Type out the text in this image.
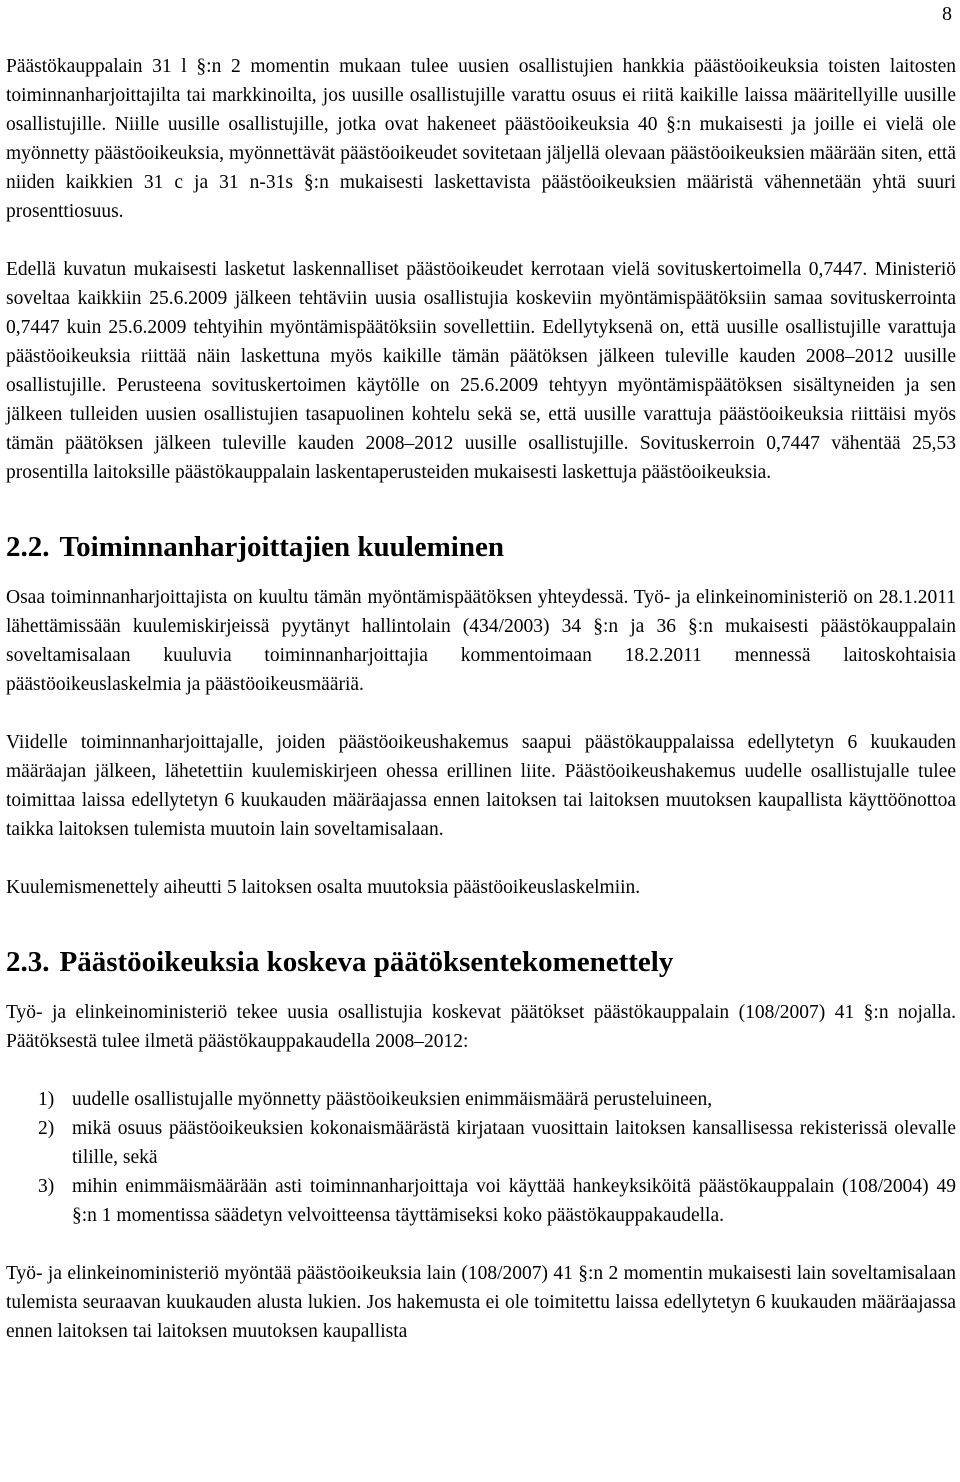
8

Päästökauppalain 31 l §:n 2 momentin mukaan tulee uusien osallistujien hankkia päästöoikeuksia toisten laitosten toiminnanharjoittajilta tai markkinoilta, jos uusille osallistujille varattu osuus ei riitä kaikille laissa määritellyille uusille osallistujille. Niille uusille osallistujille, jotka ovat hakeneet päästöoikeuksia 40 §:n mukaisesti ja joille ei vielä ole myönnetty päästöoikeuksia, myönnettävät päästöoikeudet sovitetaan jäljellä olevaan päästöoikeuksien määrään siten, että niiden kaikkien 31 c ja 31 n-31s §:n mukaisesti laskettavista päästöoikeuksien määristä vähennetään yhtä suuri prosenttiosuus.

Edellä kuvatun mukaisesti lasketut laskennalliset päästöoikeudet kerrotaan vielä sovituskertoimella 0,7447. Ministeriö soveltaa kaikkiin 25.6.2009 jälkeen tehtäviin uusia osallistujia koskeviin myöntämispäätöksiin samaa sovituskerrointa 0,7447 kuin 25.6.2009 tehtyihin myöntämispäätöksiin sovellettiin. Edellytyksenä on, että uusille osallistujille varattuja päästöoikeuksia riittää näin laskettuna myös kaikille tämän päätöksen jälkeen tuleville kauden 2008–2012 uusille osallistujille. Perusteena sovituskertoimen käytölle on 25.6.2009 tehtyyn myöntämispäätöksen sisältyneiden ja sen jälkeen tulleiden uusien osallistujien tasapuolinen kohtelu sekä se, että uusille varattuja päästöoikeuksia riittäisi myös tämän päätöksen jälkeen tuleville kauden 2008–2012 uusille osallistujille. Sovituskerroin 0,7447 vähentää 25,53 prosentilla laitoksille päästökauppalain laskentaperusteiden mukaisesti laskettuja päästöoikeuksia.

2.2. Toiminnanharjoittajien kuuleminen

Osaa toiminnanharjoittajista on kuultu tämän myöntämispäätöksen yhteydessä. Työ- ja elinkeinoministeriö on 28.1.2011 lähettämissään kuulemiskirjeissä pyytänyt hallintolain (434/2003) 34 §:n ja 36 §:n mukaisesti päästökauppalain soveltamisalaan kuuluvia toiminnanharjoittajia kommentoimaan 18.2.2011 mennessä laitoskohtaisia päästöoikeuslaskelmia ja päästöoikeusmääriä.

Viidelle toiminnanharjoittajalle, joiden päästöoikeushakemus saapui päästökauppalaissa edellytetyn 6 kuukauden määräajan jälkeen, lähetettiin kuulemiskirjeen ohessa erillinen liite. Päästöoikeushakemus uudelle osallistujalle tulee toimittaa laissa edellytetyn 6 kuukauden määräajassa ennen laitoksen tai laitoksen muutoksen kaupallista käyttöönottoa taikka laitoksen tulemista muutoin lain soveltamisalaan.

Kuulemismenettely aiheutti 5 laitoksen osalta muutoksia päästöoikeuslaskelmiin.

2.3. Päästöoikeuksia koskeva päätöksentekomenettely

Työ- ja elinkeinoministeriö tekee uusia osallistujia koskevat päätökset päästökauppalain (108/2007) 41 §:n nojalla. Päätöksestä tulee ilmetä päästökauppakaudella 2008–2012:

1) uudelle osallistujalle myönnetty päästöoikeuksien enimmäismäärä perusteluineen,
2) mikä osuus päästöoikeuksien kokonaismäärästä kirjataan vuosittain laitoksen kansallisessa rekisterissä olevalle tilille, sekä
3) mihin enimmäismäärään asti toiminnanharjoittaja voi käyttää hankeyksiköitä päästökauppalain (108/2004) 49 §:n 1 momentissa säädetyn velvoitteensa täyttämiseksi koko päästökauppakaudella.

Työ- ja elinkeinoministeriö myöntää päästöoikeuksia lain (108/2007) 41 §:n 2 momentin mukaisesti lain soveltamisalaan tulemista seuraavan kuukauden alusta lukien. Jos hakemusta ei ole toimitettu laissa edellytetyn 6 kuukauden määräajassa ennen laitoksen tai laitoksen muutoksen kaupallista
